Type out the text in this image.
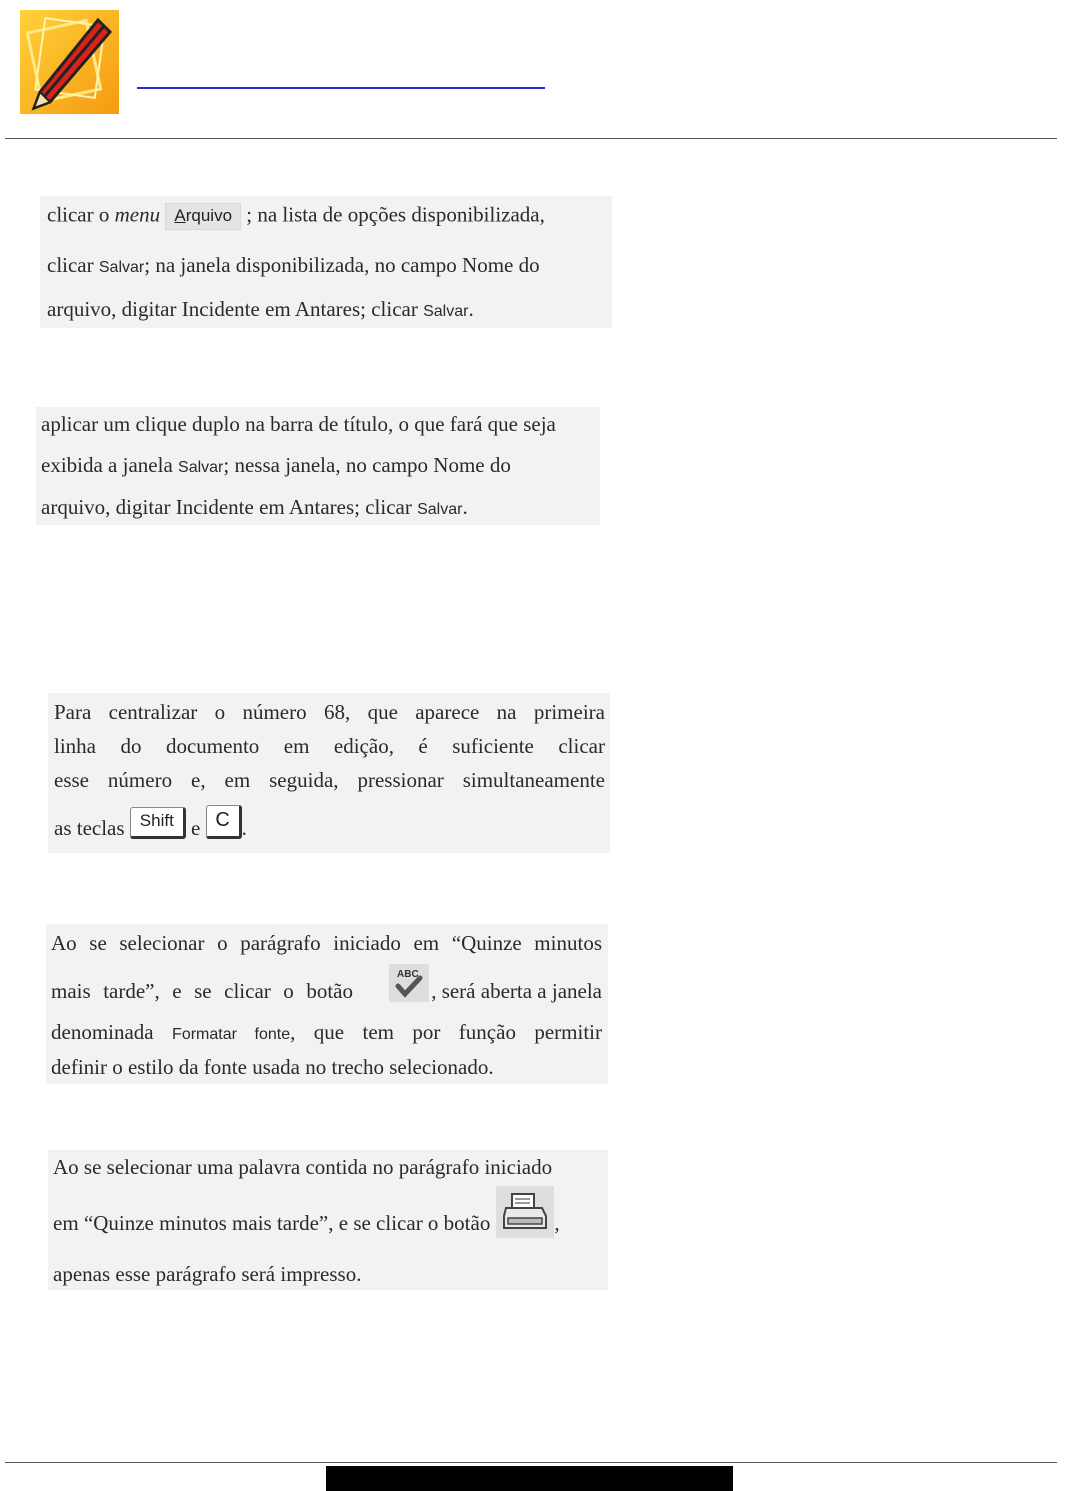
clicar o menu Arquivo ; na lista de opções disponibilizada,
clicar Salvar; na janela disponibilizada, no campo Nome do
arquivo, digitar Incidente em Antares; clicar Salvar.
aplicar um clique duplo na barra de título, o que fará que seja
exibida a janela Salvar; nessa janela, no campo Nome do
arquivo, digitar Incidente em Antares; clicar Salvar.
Para centralizar o número 68, que aparece na primeira
linha do documento em edição, é suficiente clicar
esse número e, em seguida, pressionar simultaneamente
as teclas Shift e C .
Ao se selecionar o parágrafo iniciado em “Quinze minutos
mais tarde”, e se clicar o botão
ABC
, será aberta a janela
denominada Formatar fonte, que tem por função permitir
definir o estilo da fonte usada no trecho selecionado.
Ao se selecionar uma palavra contida no parágrafo iniciado
em “Quinze minutos mais tarde”, e se clicar o botão	,
apenas esse parágrafo será impresso.
